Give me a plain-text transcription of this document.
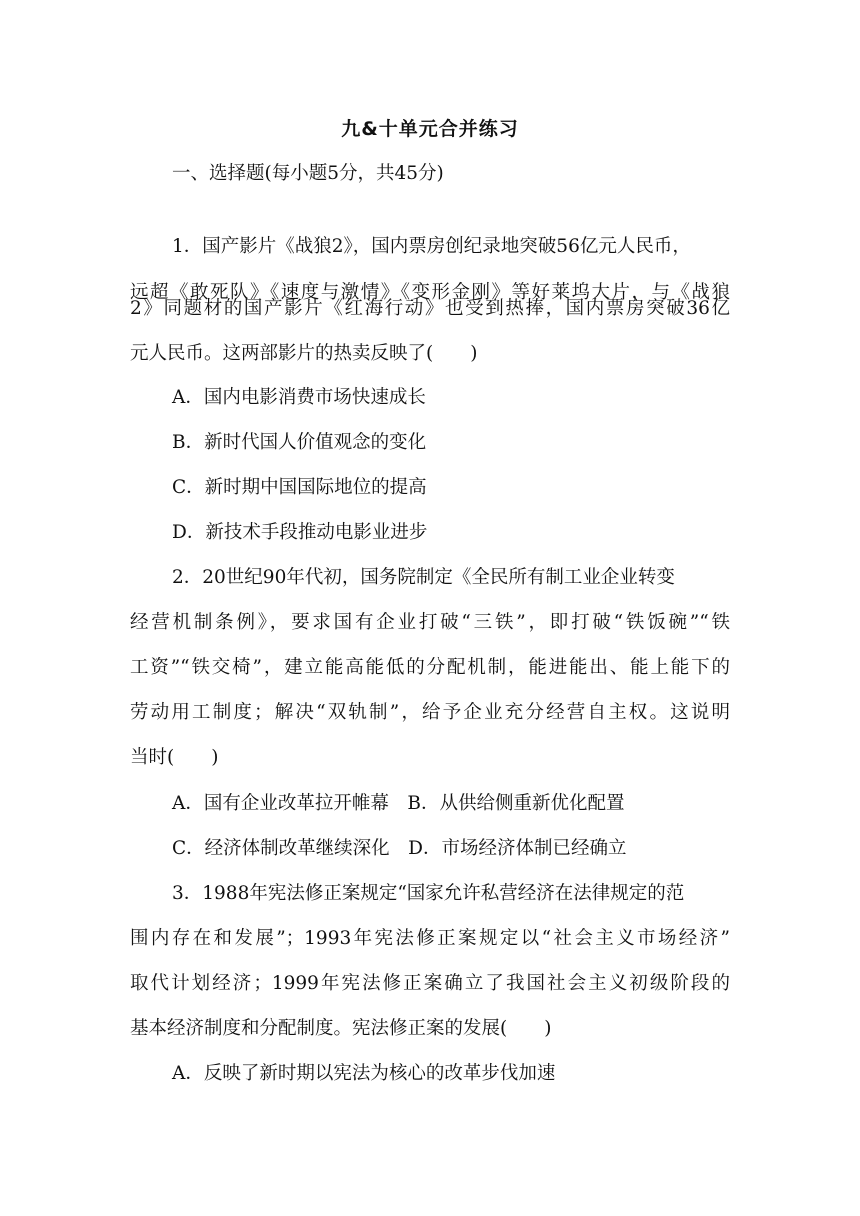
九&十单元合并练习
一、选择题(每小题5分，共45分)
1．国产影片《战狼2》，国内票房创纪录地突破56亿元人民币，
远超《敢死队》《速度与激情》《变形金刚》等好莱坞大片，与《战狼
2》同题材的国产影片《红海行动》也受到热捧，国内票房突破36亿
元人民币。这两部影片的热卖反映了(　　)
A．国内电影消费市场快速成长
B．新时代国人价值观念的变化
C．新时期中国国际地位的提高
D．新技术手段推动电影业进步
2．20世纪90年代初，国务院制定《全民所有制工业企业转变
经营机制条例》，要求国有企业打破“三铁”，即打破“铁饭碗”“铁
工资”“铁交椅”，建立能高能低的分配机制，能进能出、能上能下的
劳动用工制度；解决“双轨制”，给予企业充分经营自主权。这说明
当时(　　)
A．国有企业改革拉开帷幕　B．从供给侧重新优化配置
C．经济体制改革继续深化　D．市场经济体制已经确立
3．1988年宪法修正案规定“国家允许私营经济在法律规定的范
围内存在和发展”；1993年宪法修正案规定以“社会主义市场经济”
取代计划经济；1999年宪法修正案确立了我国社会主义初级阶段的
基本经济制度和分配制度。宪法修正案的发展(　　)
A．反映了新时期以宪法为核心的改革步伐加速
